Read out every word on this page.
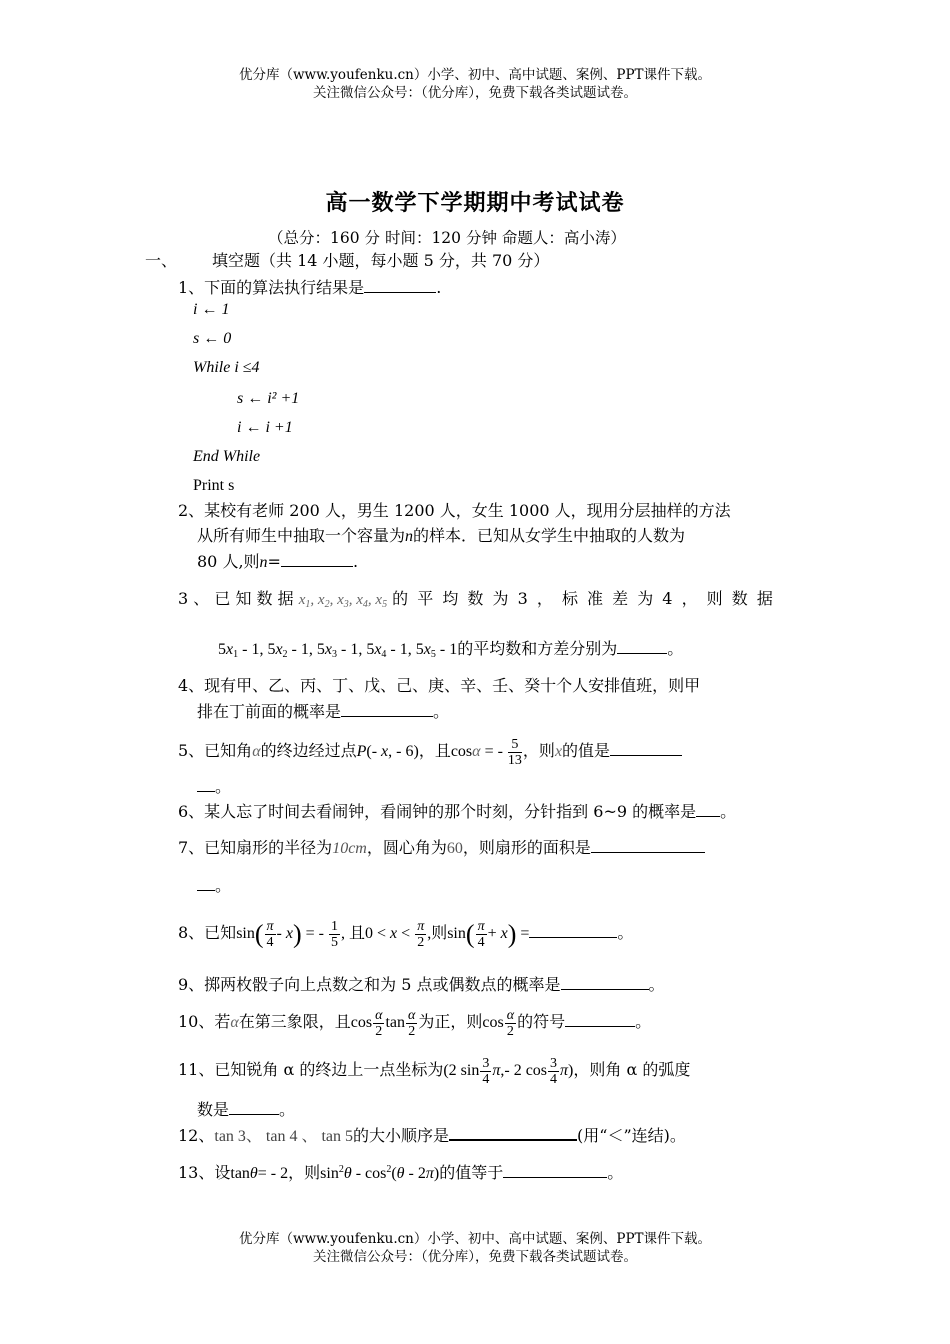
优分库（www.youfenku.cn）小学、初中、高中试题、案例、PPT课件下载。
关注微信公众号：（优分库），免费下载各类试题试卷。
高一数学下学期期中考试试卷
（总分：160 分 时间：120 分钟 命题人：高小涛）
一、 填空题（共 14 小题，每小题 5 分，共 70 分）
1、下面的算法执行结果是	.
i ← 1
s ← 0
While i ≤4
s ← i² +1
i ← i +1
End While
Print s
2、某校有老师 200 人，男生 1200 人，女生 1000 人，现用分层抽样的方法
从所有师生中抽取一个容量为n的样本．已知从女学生中抽取的人数为
80 人,则n=	.
3 、 已 知 数 据 $x_1$, $x_2$, $x_3$, $x_4$, $x_5$ 的 平 均 数 为 3 ， 标 准 差 为 4 ， 则 数 据
5x1 - 1, 5x2 - 1, 5x3 - 1, 5x4 - 1, 5x5 - 1的平均数和方差分别为	。
4、现有甲、乙、丙、丁、戊、己、庚、辛、壬、癸十个人安排值班，则甲
排在丁前面的概率是	。
5、已知角α的终边经过点P(- x, - 6)，且cosα = - $\frac{5}{13}$ ，则x的值是
。
6、某人忘了时间去看闹钟，看闹钟的那个时刻，分针指到 6~9 的概率是 。
7、已知扇形的半径为10cm，圆心角为60，则扇形的面积是
。
8、已知$\sin( \frac{\pi}{4} - x)$ = - $\frac{1}{5}$ , 且$0 < x < \frac{\pi}{2}$ ,则$\sin( \frac{\pi}{4} + x)$ =	。
9、掷两枚骰子向上点数之和为 5 点或偶数点的概率是	。
10、若α在第三象限，且$\cos \frac{\alpha}{2}$ $\tan \frac{\alpha}{2}$ 为正，则$\cos \frac{\alpha}{2}$ 的符号	。
11、已知锐角 α 的终边上一点坐标为(2 $\sin \frac{3}{4} \pi,-$ 2 $\cos \frac{3}{4} \pi$)，则角 α 的弧度
数是	。
12、tan 3、 tan 4 、 tan 5的大小顺序是	(用“＜”连结)。
13、设tanθ= - 2，则$\sin^2\theta - \cos^2(\theta - 2\pi)$的值等于	。
优分库（www.youfenku.cn）小学、初中、高中试题、案例、PPT课件下载。
关注微信公众号：（优分库），免费下载各类试题试卷。
